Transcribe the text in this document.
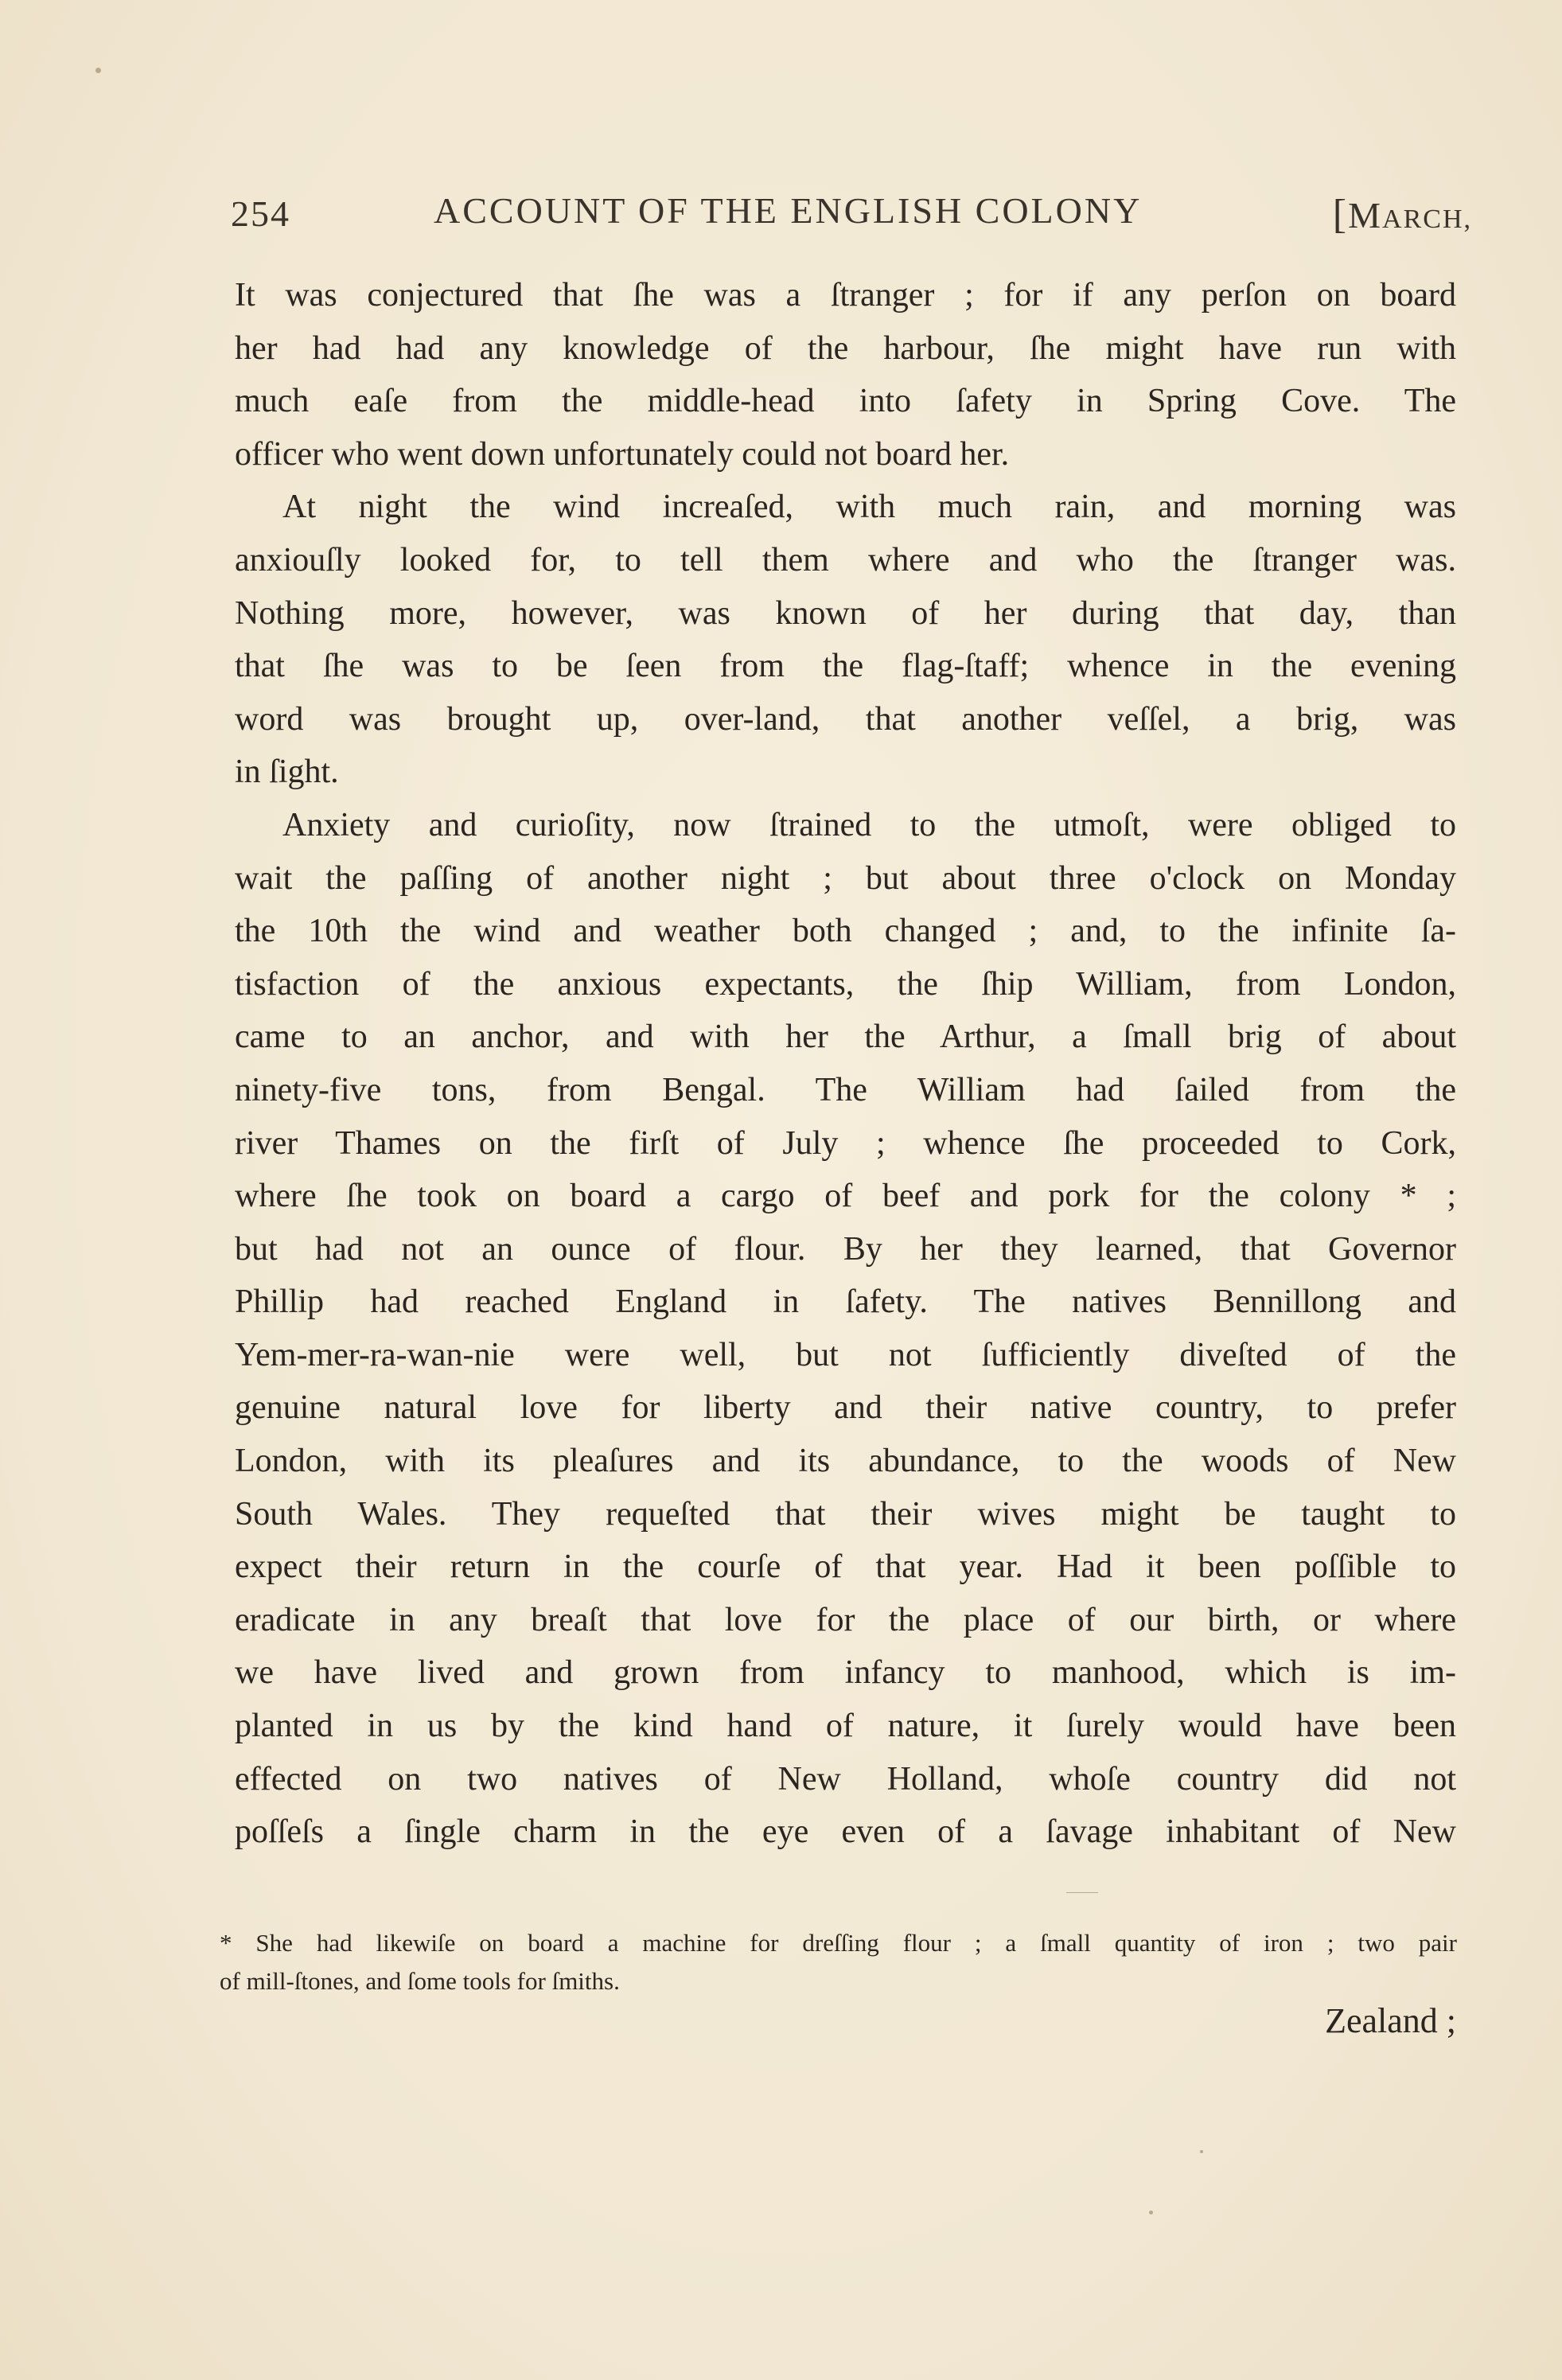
254	ACCOUNT OF THE ENGLISH COLONY	[MARCH,
It was conjectured that ſhe was a ſtranger ; for if any perſon on board
her had had any knowledge of the harbour, ſhe might have run with
much eaſe from the middle-head into ſafety in Spring Cove. The
officer who went down unfortunately could not board her.
At night the wind increaſed, with much rain, and morning was
anxiouſly looked for, to tell them where and who the ſtranger was.
Nothing more, however, was known of her during that day, than
that ſhe was to be ſeen from the flag-ſtaff; whence in the evening
word was brought up, over-land, that another veſſel, a brig, was
in ſight.
Anxiety and curioſity, now ſtrained to the utmoſt, were obliged to
wait the paſſing of another night ; but about three o'clock on Monday
the 10th the wind and weather both changed ; and, to the infinite ſa-
tisfaction of the anxious expectants, the ſhip William, from London,
came to an anchor, and with her the Arthur, a ſmall brig of about
ninety-five tons, from Bengal. The William had ſailed from the
river Thames on the firſt of July ; whence ſhe proceeded to Cork,
where ſhe took on board a cargo of beef and pork for the colony * ;
but had not an ounce of flour. By her they learned, that Governor
Phillip had reached England in ſafety. The natives Bennillong and
Yem-mer-ra-wan-nie were well, but not ſufficiently diveſted of the
genuine natural love for liberty and their native country, to prefer
London, with its pleaſures and its abundance, to the woods of New
South Wales. They requeſted that their wives might be taught to
expect their return in the courſe of that year. Had it been poſſible to
eradicate in any breaſt that love for the place of our birth, or where
we have lived and grown from infancy to manhood, which is im-
planted in us by the kind hand of nature, it ſurely would have been
effected on two natives of New Holland, whoſe country did not
poſſeſs a ſingle charm in the eye even of a ſavage inhabitant of New
* She had likewiſe on board a machine for dreſſing flour ; a ſmall quantity of iron ; two pair
of mill-ſtones, and ſome tools for ſmiths.
Zealand ;
